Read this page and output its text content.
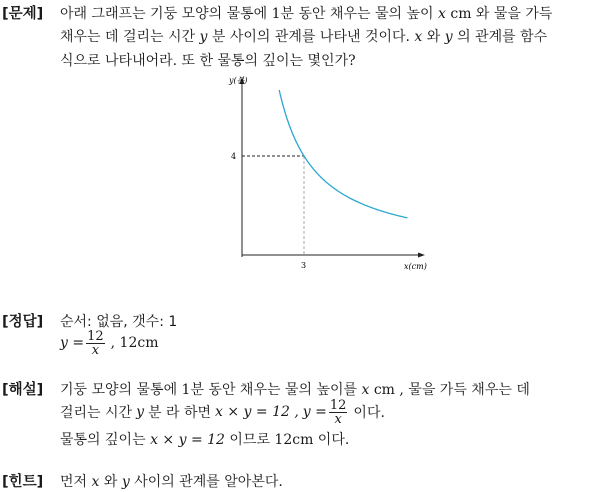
[문제] 아래 그래프는 기둥 모양의 물통에 1분 동안 채우는 물의 높이 x cm 와 물을 가득
채우는 데 걸리는 시간 y 분 사이의 관계를 나타낸 것이다. x 와 y 의 관계를 함수
식으로 나타내어라. 또 한 물통의 깊이는 몇인가?
y(분)
x(cm)
4
3
[정답] 순서: 없음, 갯수: 1
$y = \frac{12}{x}$ , 12cm
[해설] 기둥 모양의 물통에 1분 동안 채우는 물의 높이를 x cm , 물을 가득 채우는 데
걸리는 시간 y 분 라 하면 x × y = 12 , $y = \frac{12}{x}$ 이다.
물통의 깊이는 x × y = 12 이므로 12cm 이다.
[힌트] 먼저 x 와 y 사이의 관계를 알아본다.
